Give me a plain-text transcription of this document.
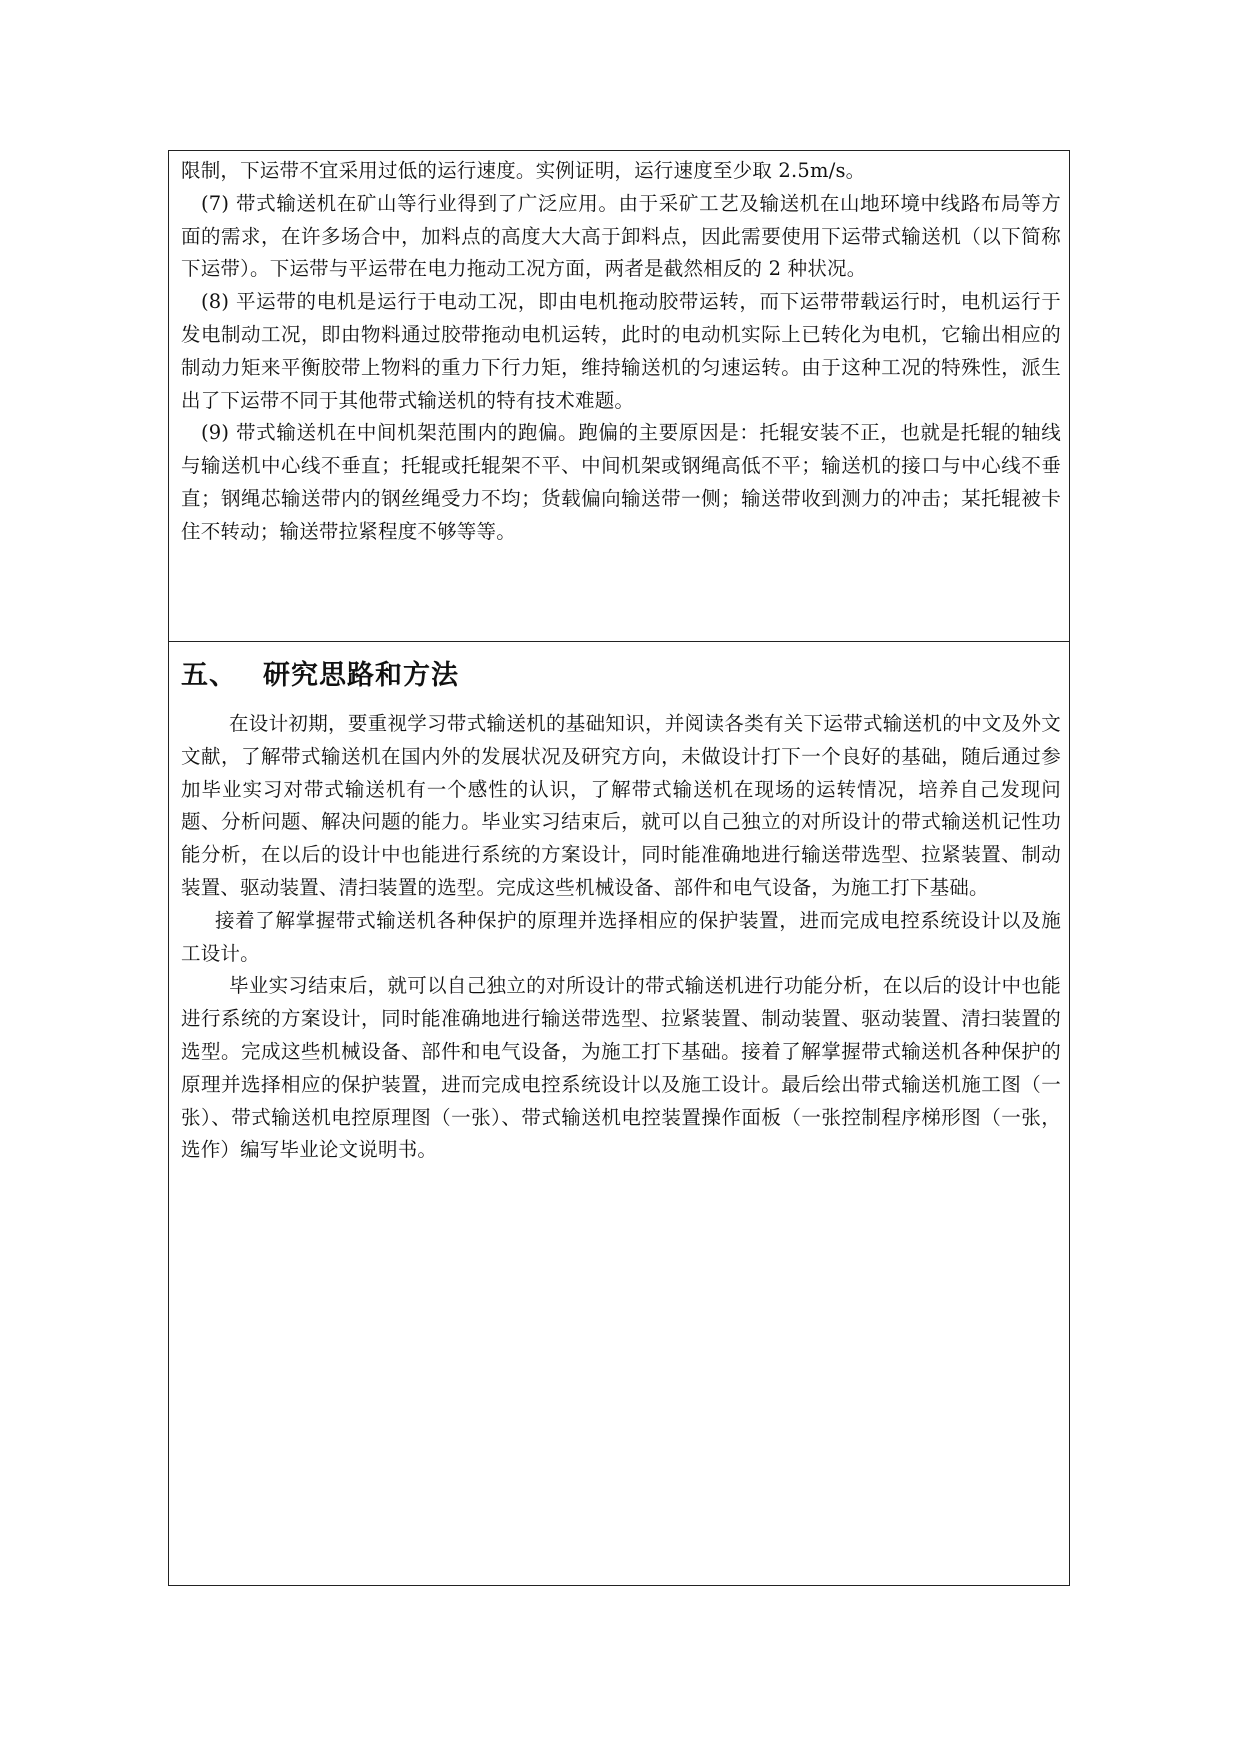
限制，下运带不宜采用过低的运行速度。实例证明，运行速度至少取 2.5m/s。

(7) 带式输送机在矿山等行业得到了广泛应用。由于采矿工艺及输送机在山地环境中线路布局等方面的需求，在许多场合中，加料点的高度大大高于卸料点，因此需要使用下运带式输送机（以下简称下运带）。下运带与平运带在电力拖动工况方面，两者是截然相反的 2 种状况。

(8) 平运带的电机是运行于电动工况，即由电机拖动胶带运转，而下运带带载运行时，电机运行于发电制动工况，即由物料通过胶带拖动电机运转，此时的电动机实际上已转化为电机，它输出相应的制动力矩来平衡胶带上物料的重力下行力矩，维持输送机的匀速运转。由于这种工况的特殊性，派生出了下运带不同于其他带式输送机的特有技术难题。

(9) 带式输送机在中间机架范围内的跑偏。跑偏的主要原因是：托辊安装不正，也就是托辊的轴线与输送机中心线不垂直；托辊或托辊架不平、中间机架或钢绳高低不平；输送机的接口与中心线不垂直；钢绳芯输送带内的钢丝绳受力不均；货载偏向输送带一侧；输送带收到测力的冲击；某托辊被卡住不转动；输送带拉紧程度不够等等。

五、 研究思路和方法

在设计初期，要重视学习带式输送机的基础知识，并阅读各类有关下运带式输送机的中文及外文文献，了解带式输送机在国内外的发展状况及研究方向，未做设计打下一个良好的基础，随后通过参加毕业实习对带式输送机有一个感性的认识，了解带式输送机在现场的运转情况，培养自己发现问题、分析问题、解决问题的能力。毕业实习结束后，就可以自己独立的对所设计的带式输送机记性功能分析，在以后的设计中也能进行系统的方案设计，同时能准确地进行输送带选型、拉紧装置、制动装置、驱动装置、清扫装置的选型。完成这些机械设备、部件和电气设备，为施工打下基础。

接着了解掌握带式输送机各种保护的原理并选择相应的保护装置，进而完成电控系统设计以及施工设计。

毕业实习结束后，就可以自己独立的对所设计的带式输送机进行功能分析，在以后的设计中也能进行系统的方案设计，同时能准确地进行输送带选型、拉紧装置、制动装置、驱动装置、清扫装置的选型。完成这些机械设备、部件和电气设备，为施工打下基础。接着了解掌握带式输送机各种保护的原理并选择相应的保护装置，进而完成电控系统设计以及施工设计。最后绘出带式输送机施工图（一张）、带式输送机电控原理图（一张）、带式输送机电控装置操作面板（一张控制程序梯形图（一张，选作）编写毕业论文说明书。
